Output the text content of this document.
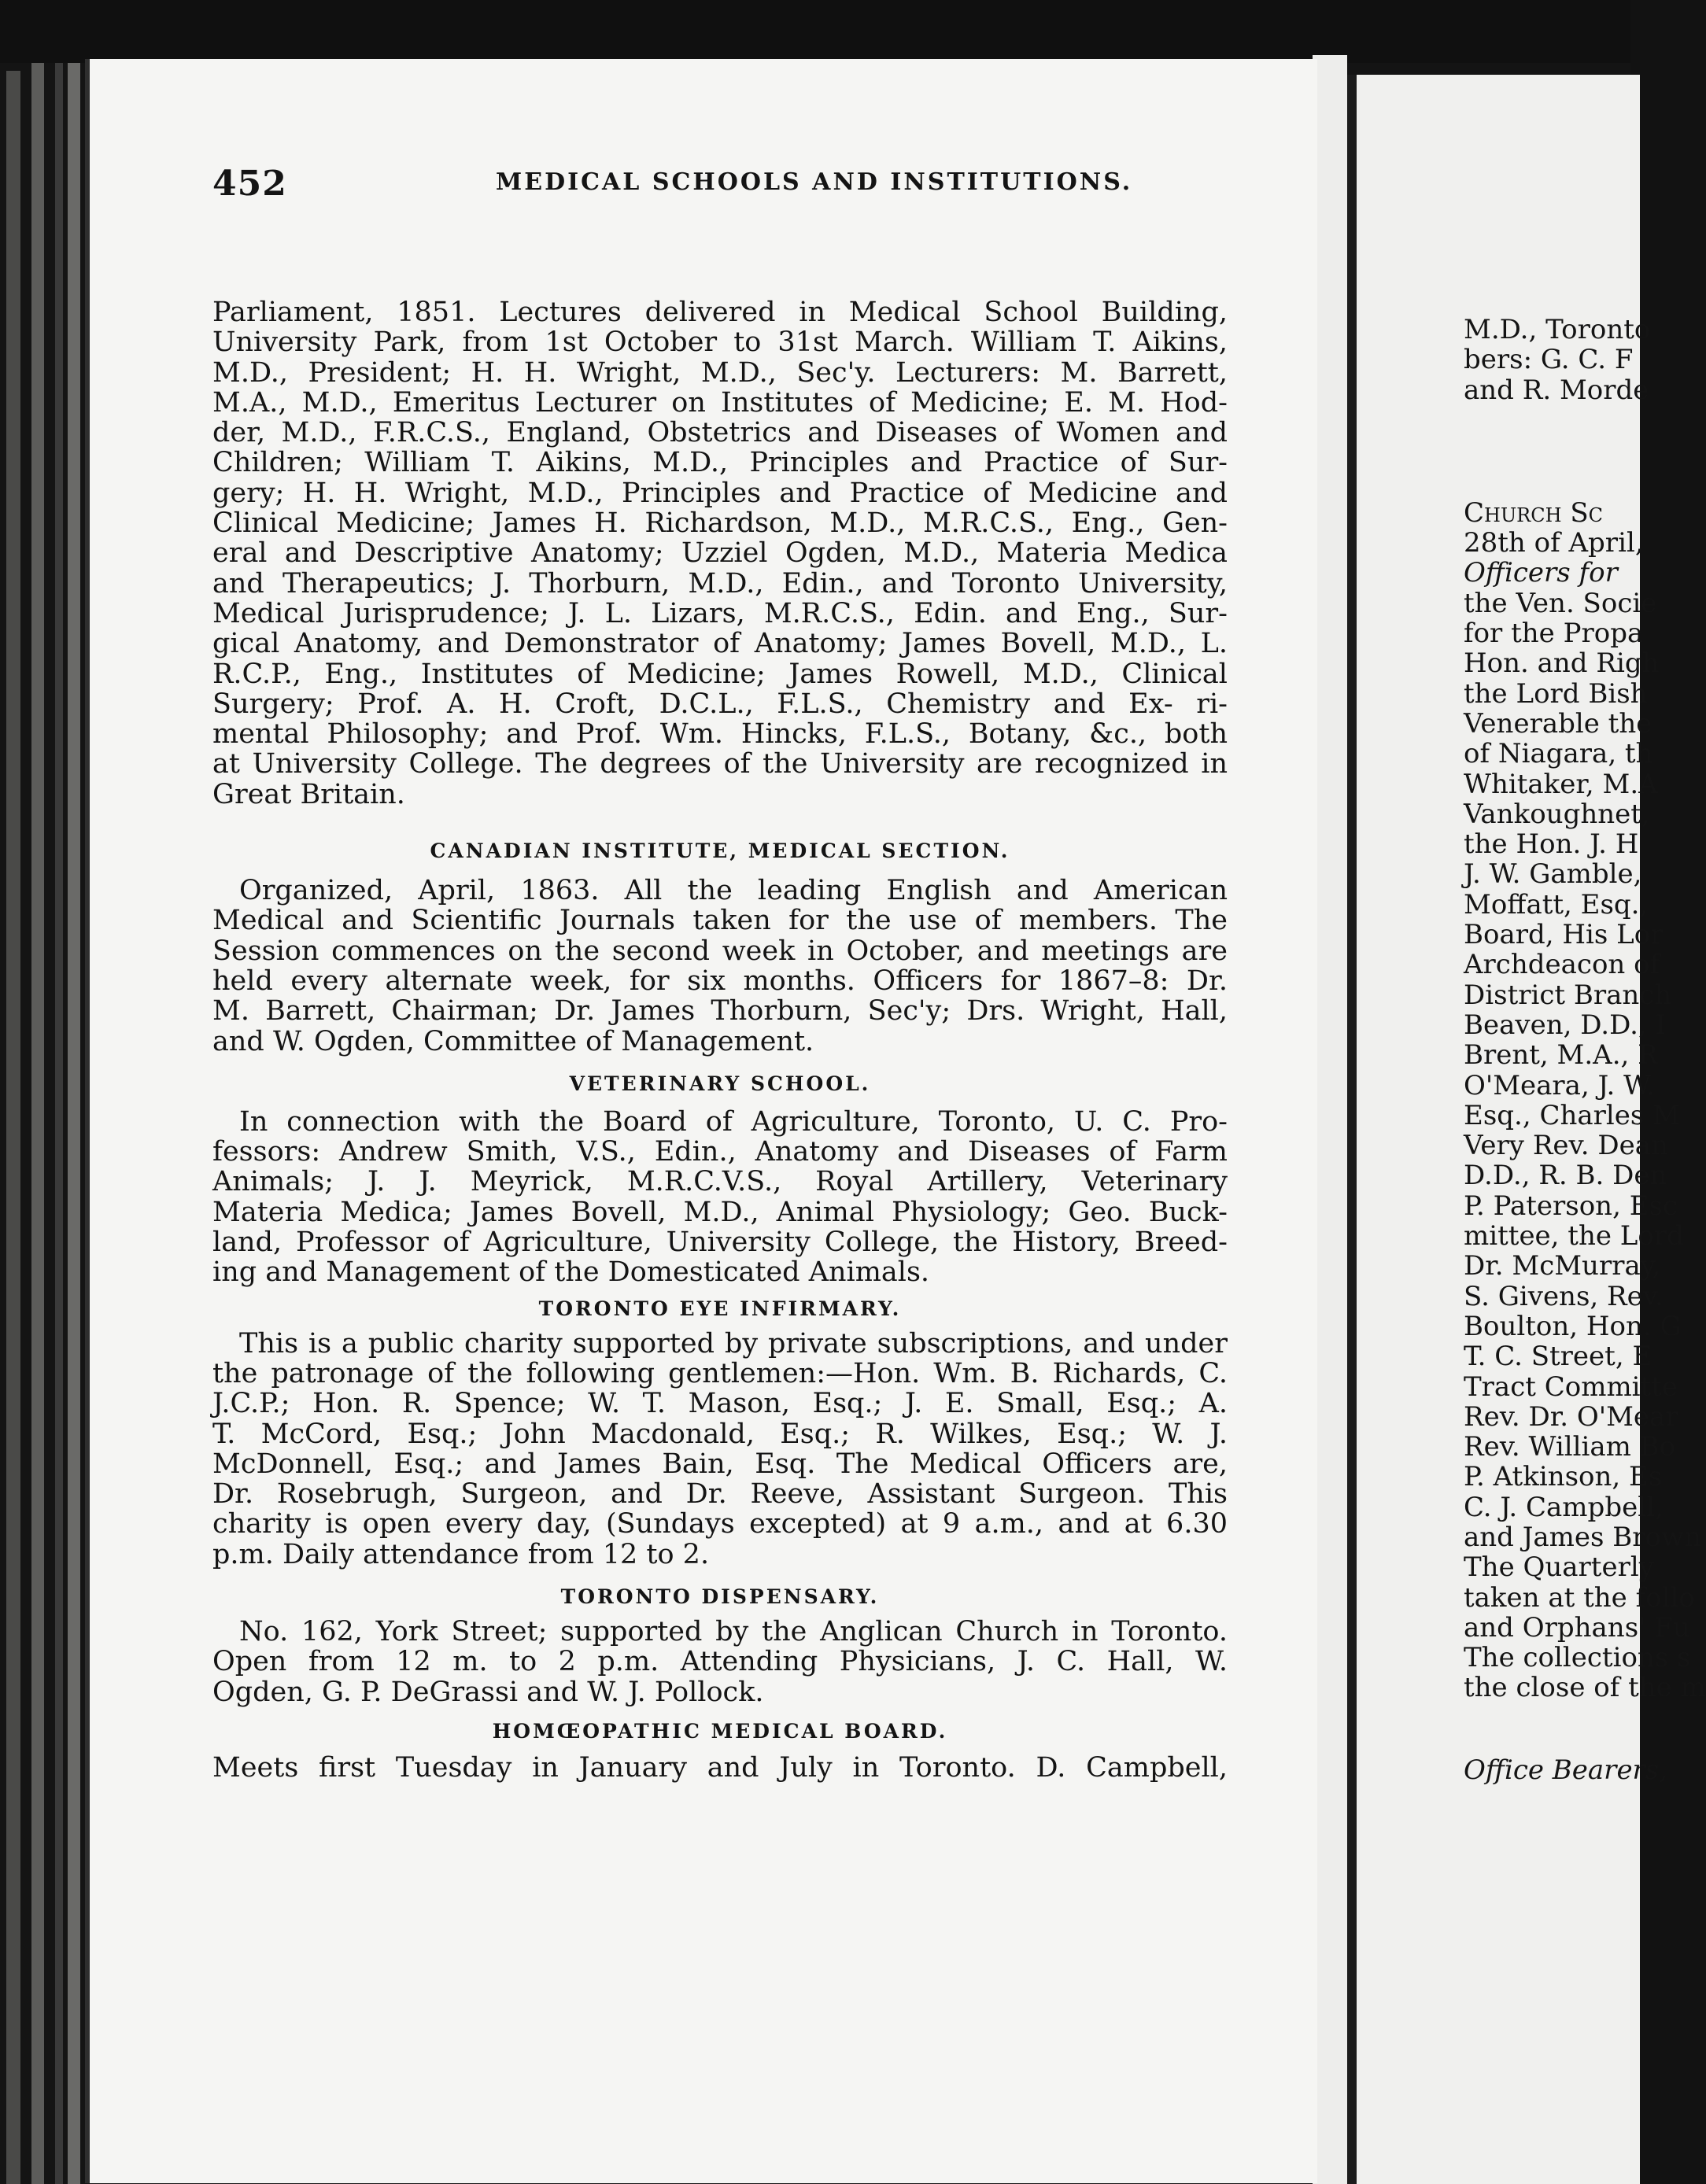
452	MEDICAL SCHOOLS AND INSTITUTIONS.
Parliament, 1851. Lectures delivered in Medical School Building,
University Park, from 1st October to 31st March. William T. Aikins,
M.D., President; H. H. Wright, M.D., Sec'y. Lecturers: M. Barrett,
M.A., M.D., Emeritus Lecturer on Institutes of Medicine; E. M. Hod-
der, M.D., F.R.C.S., England, Obstetrics and Diseases of Women and
Children; William T. Aikins, M.D., Principles and Practice of Sur-
gery; H. H. Wright, M.D., Principles and Practice of Medicine and
Clinical Medicine; James H. Richardson, M.D., M.R.C.S., Eng., Gen-
eral and Descriptive Anatomy; Uzziel Ogden, M.D., Materia Medica
and Therapeutics; J. Thorburn, M.D., Edin., and Toronto University,
Medical Jurisprudence; J. L. Lizars, M.R.C.S., Edin. and Eng., Sur-
gical Anatomy, and Demonstrator of Anatomy; James Bovell, M.D., L.
R.C.P., Eng., Institutes of Medicine; James Rowell, M.D., Clinical
Surgery; Prof. A. H. Croft, D.C.L., F.L.S., Chemistry and Ex- ri-
mental Philosophy; and Prof. Wm. Hincks, F.L.S., Botany, &c., both
at University College. The degrees of the University are recognized in
Great Britain.
CANADIAN INSTITUTE, MEDICAL SECTION.
Organized, April, 1863. All the leading English and American
Medical and Scientific Journals taken for the use of members. The
Session commences on the second week in October, and meetings are
held every alternate week, for six months. Officers for 1867–8: Dr.
M. Barrett, Chairman; Dr. James Thorburn, Sec'y; Drs. Wright, Hall,
and W. Ogden, Committee of Management.
VETERINARY SCHOOL.
In connection with the Board of Agriculture, Toronto, U. C. Pro-
fessors: Andrew Smith, V.S., Edin., Anatomy and Diseases of Farm
Animals; J. J. Meyrick, M.R.C.V.S., Royal Artillery, Veterinary
Materia Medica; James Bovell, M.D., Animal Physiology; Geo. Buck-
land, Professor of Agriculture, University College, the History, Breed-
ing and Management of the Domesticated Animals.
TORONTO EYE INFIRMARY.
This is a public charity supported by private subscriptions, and under
the patronage of the following gentlemen:—Hon. Wm. B. Richards, C.
J.C.P.; Hon. R. Spence; W. T. Mason, Esq.; J. E. Small, Esq.; A.
T. McCord, Esq.; John Macdonald, Esq.; R. Wilkes, Esq.; W. J.
McDonnell, Esq.; and James Bain, Esq. The Medical Officers are,
Dr. Rosebrugh, Surgeon, and Dr. Reeve, Assistant Surgeon. This
charity is open every day, (Sundays excepted) at 9 a.m., and at 6.30
p.m. Daily attendance from 12 to 2.
TORONTO DISPENSARY.
No. 162, York Street; supported by the Anglican Church in Toronto.
Open from 12 m. to 2 p.m. Attending Physicians, J. C. Hall, W.
Ogden, G. P. DeGrassi and W. J. Pollock.
HOMŒOPATHIC MEDICAL BOARD.
Meets first Tuesday in January and July in Toronto. D. Campbell,
M.D., Toronto
bers: G. C. F
and R. Morde
Church Sc
28th of April,
Officers for
the Ven. Socie
for the Propa
Hon. and Righ
the Lord Bish
Venerable the
of Niagara, th
Whitaker, M.A
Vankoughnet,
the Hon. J. H
J. W. Gamble,
Moffatt, Esq.,
Board, His Lor
Archdeacon of
District Branch
Beaven, D.D., I
Brent, M.A., R
O'Meara, J. W.
Esq., Charles M
Very Rev. Dean
D.D., R. B. Den
P. Paterson, Esc
mittee, the Lord
Dr. McMurray,
S. Givens, Rev.
Boulton, Hon. G
T. C. Street, E
Tract Committe
Rev. Dr. O'Mear
Rev. William Bo
P. Atkinson, Es
C. J. Campbell,
and James Brown
The Quarterly
taken at the follo
and Orphans' Fu
The collections s
the close of the m
Office Bearers,
